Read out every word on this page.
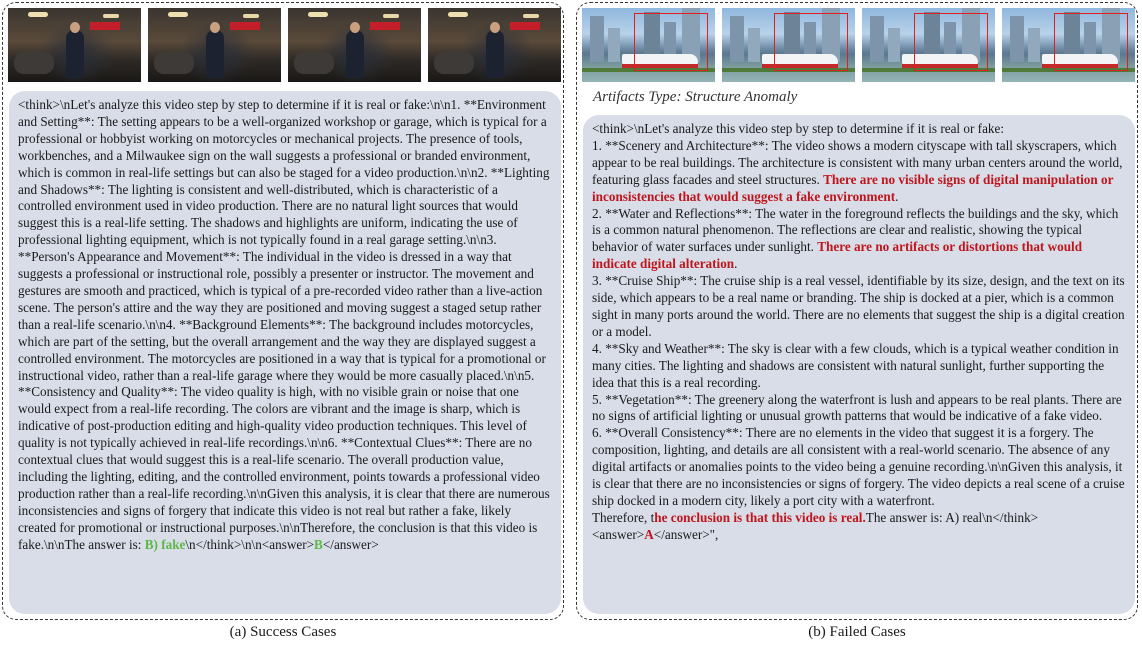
<think>\nLet's analyze this video step by step to determine if it is real or fake:\n\n1. **Environment and Setting**: The setting appears to be a well-organized workshop or garage, which is typical for a professional or hobbyist working on motorcycles or mechanical projects. The presence of tools, workbenches, and a Milwaukee sign on the wall suggests a professional or branded environment, which is common in real-life settings but can also be staged for a video production.\n\n2. **Lighting and Shadows**: The lighting is consistent and well-distributed, which is characteristic of a controlled environment used in video production. There are no natural light sources that would suggest this is a real-life setting. The shadows and highlights are uniform, indicating the use of professional lighting equipment, which is not typically found in a real garage setting.\n\n3. **Person's Appearance and Movement**: The individual in the video is dressed in a way that suggests a professional or instructional role, possibly a presenter or instructor. The movement and gestures are smooth and practiced, which is typical of a pre-recorded video rather than a live-action scene. The person's attire and the way they are positioned and moving suggest a staged setup rather than a real-life scenario.\n\n4. **Background Elements**: The background includes motorcycles, which are part of the setting, but the overall arrangement and the way they are displayed suggest a controlled environment. The motorcycles are positioned in a way that is typical for a promotional or instructional video, rather than a real-life garage where they would be more casually placed.\n\n5. **Consistency and Quality**: The video quality is high, with no visible grain or noise that one would expect from a real-life recording. The colors are vibrant and the image is sharp, which is indicative of post-production editing and high-quality video production techniques. This level of quality is not typically achieved in real-life recordings.\n\n6. **Contextual Clues**: There are no contextual clues that would suggest this is a real-life scenario. The overall production value, including the lighting, editing, and the controlled environment, points towards a professional video production rather than a real-life recording.\n\nGiven this analysis, it is clear that there are numerous inconsistencies and signs of forgery that indicate this video is not real but rather a fake, likely created for promotional or instructional purposes.\n\nTherefore, the conclusion is that this video is fake.\n\nThe answer is: B) fake\n</think>\n\n<answer>B</answer>
(a) Success Cases
Artifacts Type: Structure Anomaly
<think>\nLet's analyze this video step by step to determine if it is real or fake:
1. **Scenery and Architecture**: The video shows a modern cityscape with tall skyscrapers, which appear to be real buildings. The architecture is consistent with many urban centers around the world, featuring glass facades and steel structures. There are no visible signs of digital manipulation or inconsistencies that would suggest a fake environment.
2. **Water and Reflections**: The water in the foreground reflects the buildings and the sky, which is a common natural phenomenon. The reflections are clear and realistic, showing the typical behavior of water surfaces under sunlight. There are no artifacts or distortions that would indicate digital alteration.
3. **Cruise Ship**: The cruise ship is a real vessel, identifiable by its size, design, and the text on its side, which appears to be a real name or branding. The ship is docked at a pier, which is a common sight in many ports around the world. There are no elements that suggest the ship is a digital creation or a model.
4. **Sky and Weather**: The sky is clear with a few clouds, which is a typical weather condition in many cities. The lighting and shadows are consistent with natural sunlight, further supporting the idea that this is a real recording.
5. **Vegetation**: The greenery along the waterfront is lush and appears to be real plants. There are no signs of artificial lighting or unusual growth patterns that would be indicative of a fake video.
6. **Overall Consistency**: There are no elements in the video that suggest it is a forgery. The composition, lighting, and details are all consistent with a real-world scenario. The absence of any digital artifacts or anomalies points to the video being a genuine recording.\n\nGiven this analysis, it is clear that there are no inconsistencies or signs of forgery. The video depicts a real scene of a cruise ship docked in a modern city, likely a port city with a waterfront.
Therefore, the conclusion is that this video is real.The answer is: A) real\n</think>
<answer>A</answer>",
(b) Failed Cases
